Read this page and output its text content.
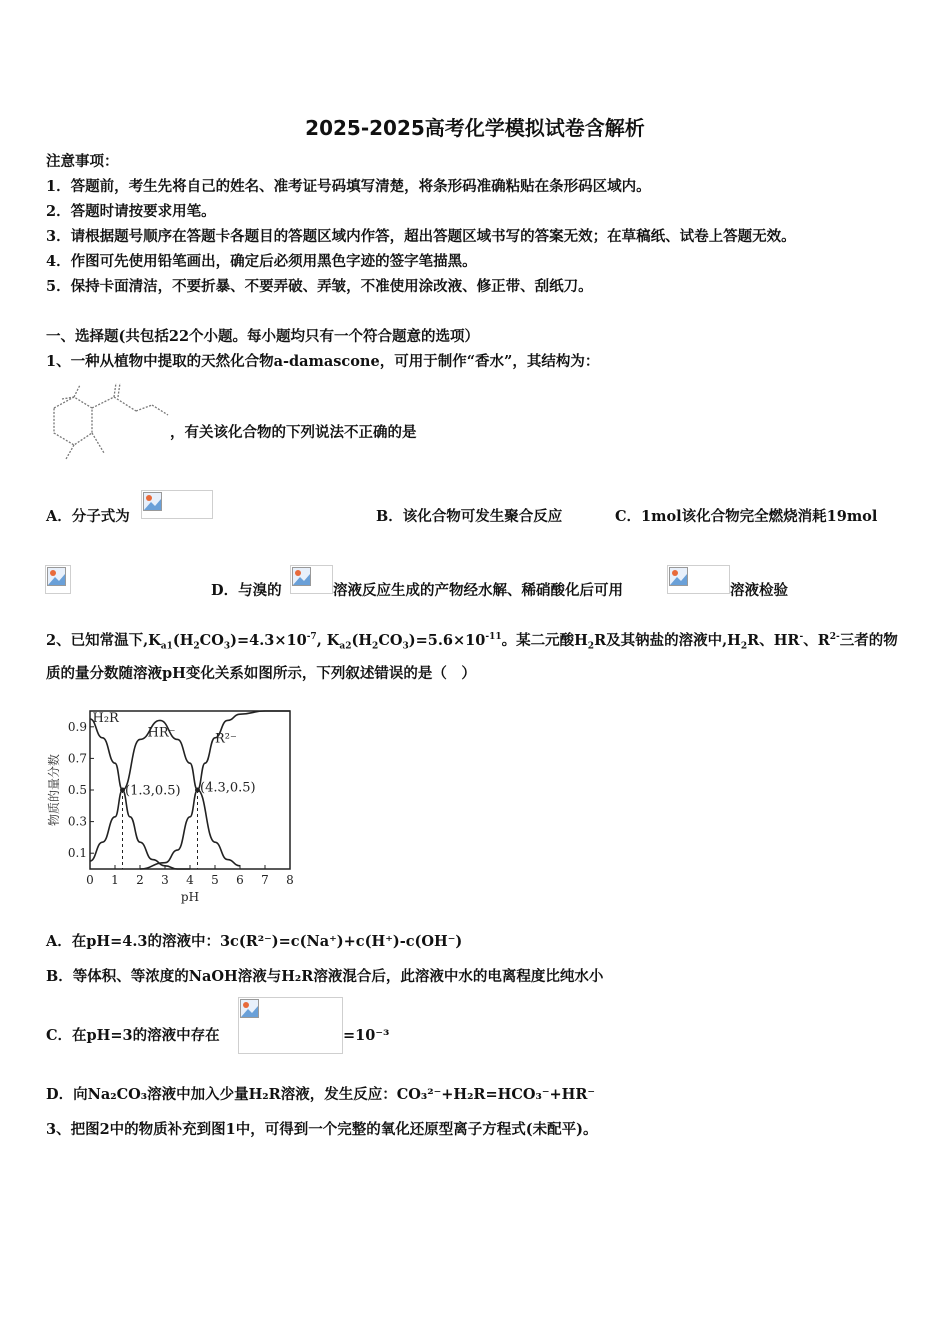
2025-2025高考化学模拟试卷含解析
注意事项：
1．答题前，考生先将自己的姓名、准考证号码填写清楚，将条形码准确粘贴在条形码区域内。
2．答题时请按要求用笔。
3．请根据题号顺序在答题卡各题目的答题区域内作答，超出答题区域书写的答案无效；在草稿纸、试卷上答题无效。
4．作图可先使用铅笔画出，确定后必须用黑色字迹的签字笔描黑。
5．保持卡面清洁，不要折暴、不要弄破、弄皱，不准使用涂改液、修正带、刮纸刀。
一、选择题(共包括22个小题。每小题均只有一个符合题意的选项）
1、一种从植物中提取的天然化合物a-damascone，可用于制作“香水”，其结构为：
，有关该化合物的下列说法不正确的是
A．分子式为	B．该化合物可发生聚合反应	C．1mol该化合物完全燃烧消耗19mol
D．与溴的	溶液反应生成的产物经水解、稀硝酸化后可用	溶液检验
2、已知常温下$,K_{a1}(H_2CO_3)=4.3\times 10^{-7}$, $K_{a2}(H_2CO_3)=5.6\times 10^{-11}$。某二元酸$H_2R$及其钠盐的溶液中$,H_2R$、HR-、$R^{2-}$三者的物
质的量分数随溶液pH变化关系如图所示，下列叙述错误的是（　）
0 1 2 3 4 5 6 7 8
0.1
0.3
0.5
0.7
0.9
pH
物质的量分数
H₂R
HR⁻	R²⁻
(1.3,0.5) (4.3,0.5)
A．在pH=4.3的溶液中：3c(R²⁻)=c(Na⁺)+c(H⁺)-c(OH⁻)
B．等体积、等浓度的NaOH溶液与H₂R溶液混合后，此溶液中水的电离程度比纯水小
C．在pH=3的溶液中存在	=10⁻³
D．向Na₂CO₃溶液中加入少量H₂R溶液，发生反应：CO₃²⁻+H₂R=HCO₃⁻+HR⁻
3、把图2中的物质补充到图1中，可得到一个完整的氧化还原型离子方程式(未配平)。
